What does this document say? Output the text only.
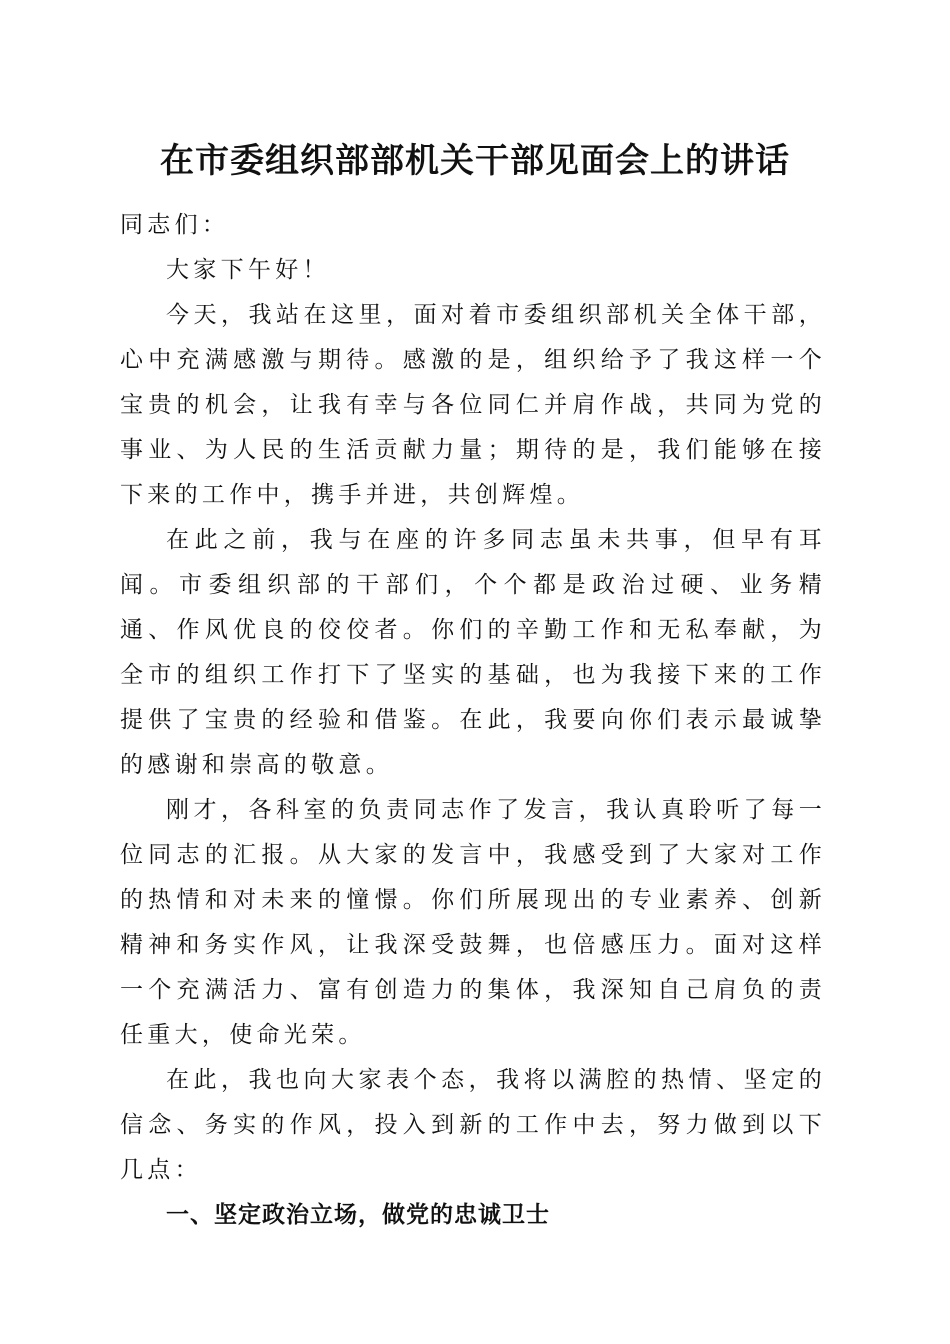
在市委组织部部机关干部见面会上的讲话

同志们：

大家下午好！

今天，我站在这里，面对着市委组织部机关全体干部，心中充满感激与期待。感激的是，组织给予了我这样一个宝贵的机会，让我有幸与各位同仁并肩作战，共同为党的事业、为人民的生活贡献力量；期待的是，我们能够在接下来的工作中，携手并进，共创辉煌。

在此之前，我与在座的许多同志虽未共事，但早有耳闻。市委组织部的干部们，个个都是政治过硬、业务精通、作风优良的佼佼者。你们的辛勤工作和无私奉献，为全市的组织工作打下了坚实的基础，也为我接下来的工作提供了宝贵的经验和借鉴。在此，我要向你们表示最诚挚的感谢和崇高的敬意。

刚才，各科室的负责同志作了发言，我认真聆听了每一位同志的汇报。从大家的发言中，我感受到了大家对工作的热情和对未来的憧憬。你们所展现出的专业素养、创新精神和务实作风，让我深受鼓舞，也倍感压力。面对这样一个充满活力、富有创造力的集体，我深知自己肩负的责任重大，使命光荣。

在此，我也向大家表个态，我将以满腔的热情、坚定的信念、务实的作风，投入到新的工作中去，努力做到以下几点：

一、坚定政治立场，做党的忠诚卫士
